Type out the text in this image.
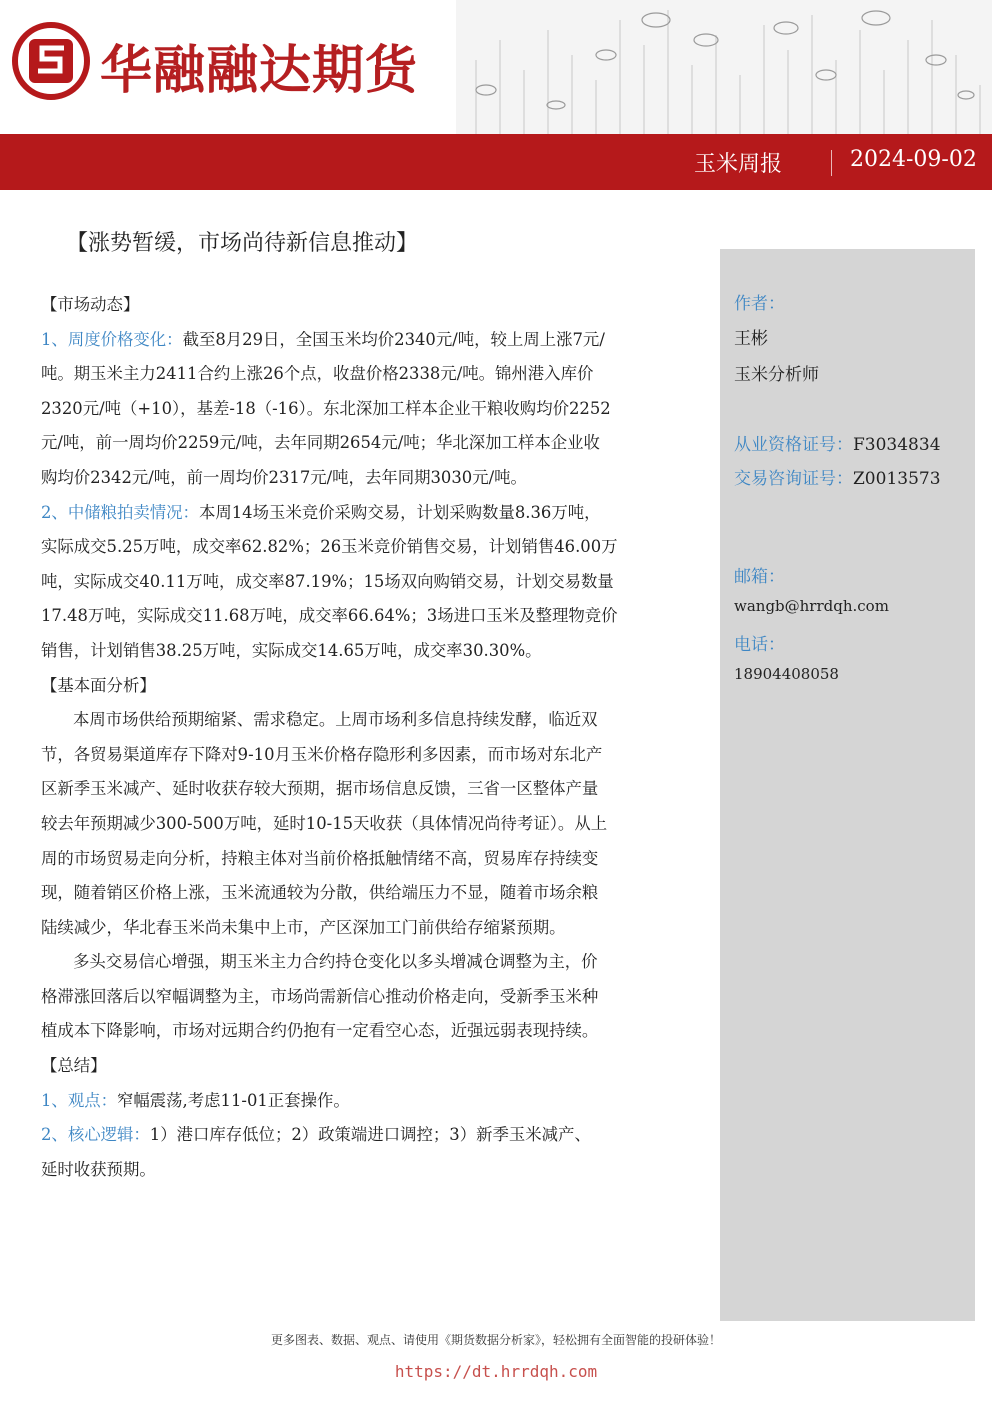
华融融达期货
玉米周报	2024-09-02
【涨势暂缓，市场尚待新信息推动】
【市场动态】
1、周度价格变化：截至8月29日，全国玉米均价2340元/吨，较上周上涨7元/
吨。期玉米主力2411合约上涨26个点，收盘价格2338元/吨。锦州港入库价
2320元/吨（+10），基差-18（-16）。东北深加工样本企业干粮收购均价2252
元/吨，前一周均价2259元/吨，去年同期2654元/吨；华北深加工样本企业收
购均价2342元/吨，前一周均价2317元/吨，去年同期3030元/吨。
2、中储粮拍卖情况：本周14场玉米竞价采购交易，计划采购数量8.36万吨，
实际成交5.25万吨，成交率62.82%；26玉米竞价销售交易，计划销售46.00万
吨，实际成交40.11万吨，成交率87.19%；15场双向购销交易，计划交易数量
17.48万吨，实际成交11.68万吨，成交率66.64%；3场进口玉米及整理物竞价
销售，计划销售38.25万吨，实际成交14.65万吨，成交率30.30%。
【基本面分析】
本周市场供给预期缩紧、需求稳定。上周市场利多信息持续发酵，临近双
节，各贸易渠道库存下降对9-10月玉米价格存隐形利多因素，而市场对东北产
区新季玉米减产、延时收获存较大预期，据市场信息反馈，三省一区整体产量
较去年预期减少300-500万吨，延时10-15天收获（具体情况尚待考证）。从上
周的市场贸易走向分析，持粮主体对当前价格抵触情绪不高，贸易库存持续变
现，随着销区价格上涨，玉米流通较为分散，供给端压力不显，随着市场余粮
陆续减少，华北春玉米尚未集中上市，产区深加工门前供给存缩紧预期。
多头交易信心增强，期玉米主力合约持仓变化以多头增减仓调整为主，价
格滞涨回落后以窄幅调整为主，市场尚需新信心推动价格走向，受新季玉米种
植成本下降影响，市场对远期合约仍抱有一定看空心态，近强远弱表现持续。
【总结】
1、观点：窄幅震荡,考虑11-01正套操作。
2、核心逻辑：1）港口库存低位；2）政策端进口调控；3）新季玉米减产、
延时收获预期。
作者：
王彬
玉米分析师
从业资格证号：F3034834
交易咨询证号：Z0013573
邮箱：
wangb@hrrdqh.com
电话：
18904408058
更多图表、数据、观点、请使用《期货数据分析家》，轻松拥有全面智能的投研体验！
https://dt.hrrdqh.com
